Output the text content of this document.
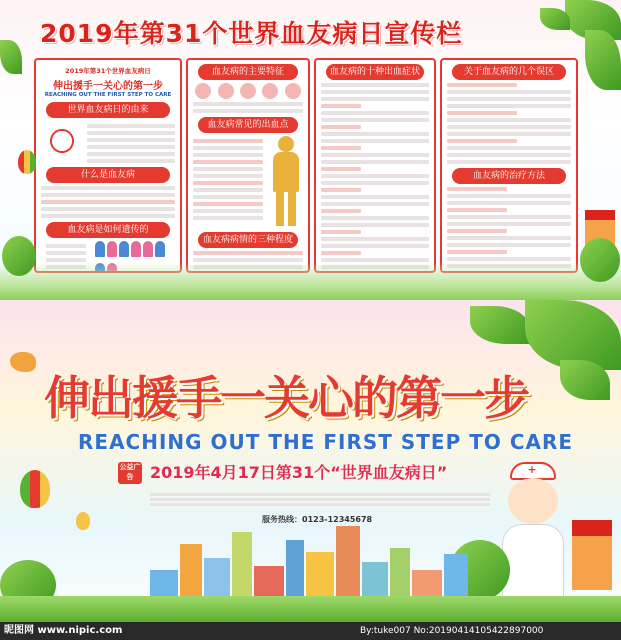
2019年第31个世界血友病日宣传栏
2019年第31个世界血友病日
伸出援手一关心的第一步
REACHING OUT THE FIRST STEP TO CARE
世界血友病日的由来
什么是血友病
血友病是如何遗传的
血友病的主要特征
血友病常见的出血点
血友病病情的三种程度
血友病的十种出血症状	关于血友病的几个误区
血友病的治疗方法
伸出援手一关心的第一步
REACHING OUT THE FIRST STEP TO CARE
公益广告	2019年4月17日第31个“世界血友病日”
服务热线：0123-12345678
+
昵图网 www.nipic.com	By:tuke007 No:20190414105422897000
